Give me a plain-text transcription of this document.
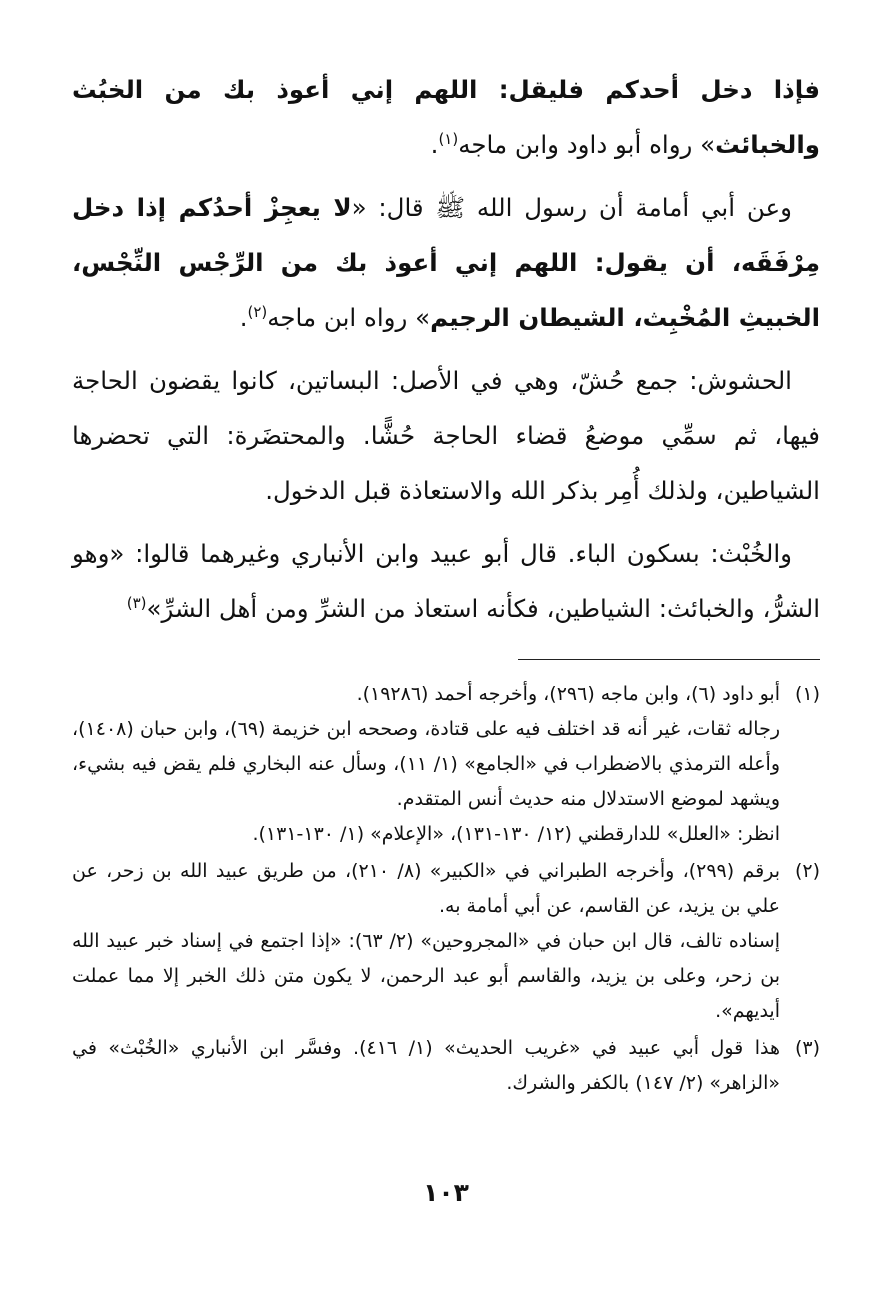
فإذا دخل أحدكم فليقل: اللهم إني أعوذ بك من الخبُث والخبائث» رواه أبو داود وابن ماجه$^{(١)}$.

وعن أبي أمامة أن رسول الله ﷺ قال: «لا يعجِزْ أحدُكم إذا دخل مِرْفَقَه، أن يقول: اللهم إني أعوذ بك من الرِّجْس النِّجْس، الخبيثِ المُخْبِث، الشيطان الرجيم» رواه ابن ماجه$^{(٢)}$.

الحشوش: جمع حُشّ، وهي في الأصل: البساتين، كانوا يقضون الحاجة فيها، ثم سمِّي موضعُ قضاء الحاجة حُشًّا. والمحتضَرة: التي تحضرها الشياطين، ولذلك أُمِر بذكر الله والاستعاذة قبل الدخول.

والخُبْث: بسكون الباء. قال أبو عبيد وابن الأنباري وغيرهما قالوا: «وهو الشرُّ، والخبائث: الشياطين، فكأنه استعاذ من الشرِّ ومن أهل الشرِّ»$^{(٣)}$

(١)

أبو داود (٦)، وابن ماجه (٢٩٦)، وأخرجه أحمد (١٩٢٨٦).

رجاله ثقات، غير أنه قد اختلف فيه على قتادة، وصححه ابن خزيمة (٦٩)، وابن حبان (١٤٠٨)، وأعله الترمذي بالاضطراب في «الجامع» (١/ ١١)، وسأل عنه البخاري فلم يقض فيه بشيء، ويشهد لموضع الاستدلال منه حديث أنس المتقدم.

انظر: «العلل» للدارقطني (١٢/ ١٣٠-١٣١)، «الإعلام» (١/ ١٣٠-١٣١).

(٢)

برقم (٢٩٩)، وأخرجه الطبراني في «الكبير» (٨/ ٢١٠)، من طريق عبيد الله بن زحر، عن علي بن يزيد، عن القاسم، عن أبي أمامة به.

إسناده تالف، قال ابن حبان في «المجروحين» (٢/ ٦٣): «إذا اجتمع في إسناد خبر عبيد الله بن زحر، وعلى بن يزيد، والقاسم أبو عبد الرحمن، لا يكون متن ذلك الخبر إلا مما عملت أيديهم».

(٣)

هذا قول أبي عبيد في «غريب الحديث» (١/ ٤١٦). وفسَّر ابن الأنباري «الخُبْث» في «الزاهر» (٢/ ١٤٧) بالكفر والشرك.

١٠٣
